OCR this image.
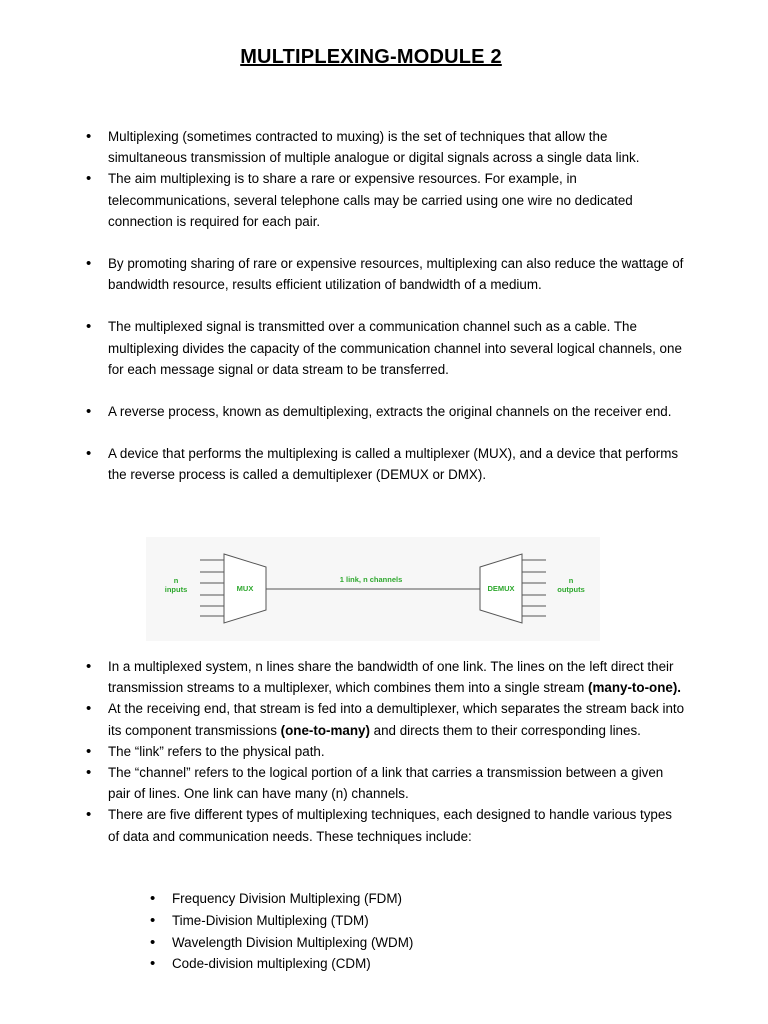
MULTIPLEXING-MODULE 2
• Multiplexing (sometimes contracted to muxing) is the set of techniques that allow the simultaneous transmission of multiple analogue or digital signals across a single data link.
• The aim multiplexing is to share a rare or expensive resources. For example, in telecommunications, several telephone calls may be carried using one wire no dedicated connection is required for each pair.
• By promoting sharing of rare or expensive resources, multiplexing can also reduce the wattage of bandwidth resource, results efficient utilization of bandwidth of a medium.
• The multiplexed signal is transmitted over a communication channel such as a cable. The multiplexing divides the capacity of the communication channel into several logical channels, one for each message signal or data stream to be transferred.
• A reverse process, known as demultiplexing, extracts the original channels on the receiver end.
• A device that performs the multiplexing is called a multiplexer (MUX), and a device that performs the reverse process is called a demultiplexer (DEMUX or DMX).
n
inputs	MUX
1 link, n channels
DEMUX
n
outputs
• In a multiplexed system, n lines share the bandwidth of one link. The lines on the left direct their transmission streams to a multiplexer, which combines them into a single stream (many-to-one).
• At the receiving end, that stream is fed into a demultiplexer, which separates the stream back into its component transmissions (one-to-many) and directs them to their corresponding lines.
• The “link” refers to the physical path.
• The “channel” refers to the logical portion of a link that carries a transmission between a given pair of lines. One link can have many (n) channels.
• There are five different types of multiplexing techniques, each designed to handle various types of data and communication needs. These techniques include:
• Frequency Division Multiplexing (FDM)
• Time-Division Multiplexing (TDM)
• Wavelength Division Multiplexing (WDM)
• Code-division multiplexing (CDM)
